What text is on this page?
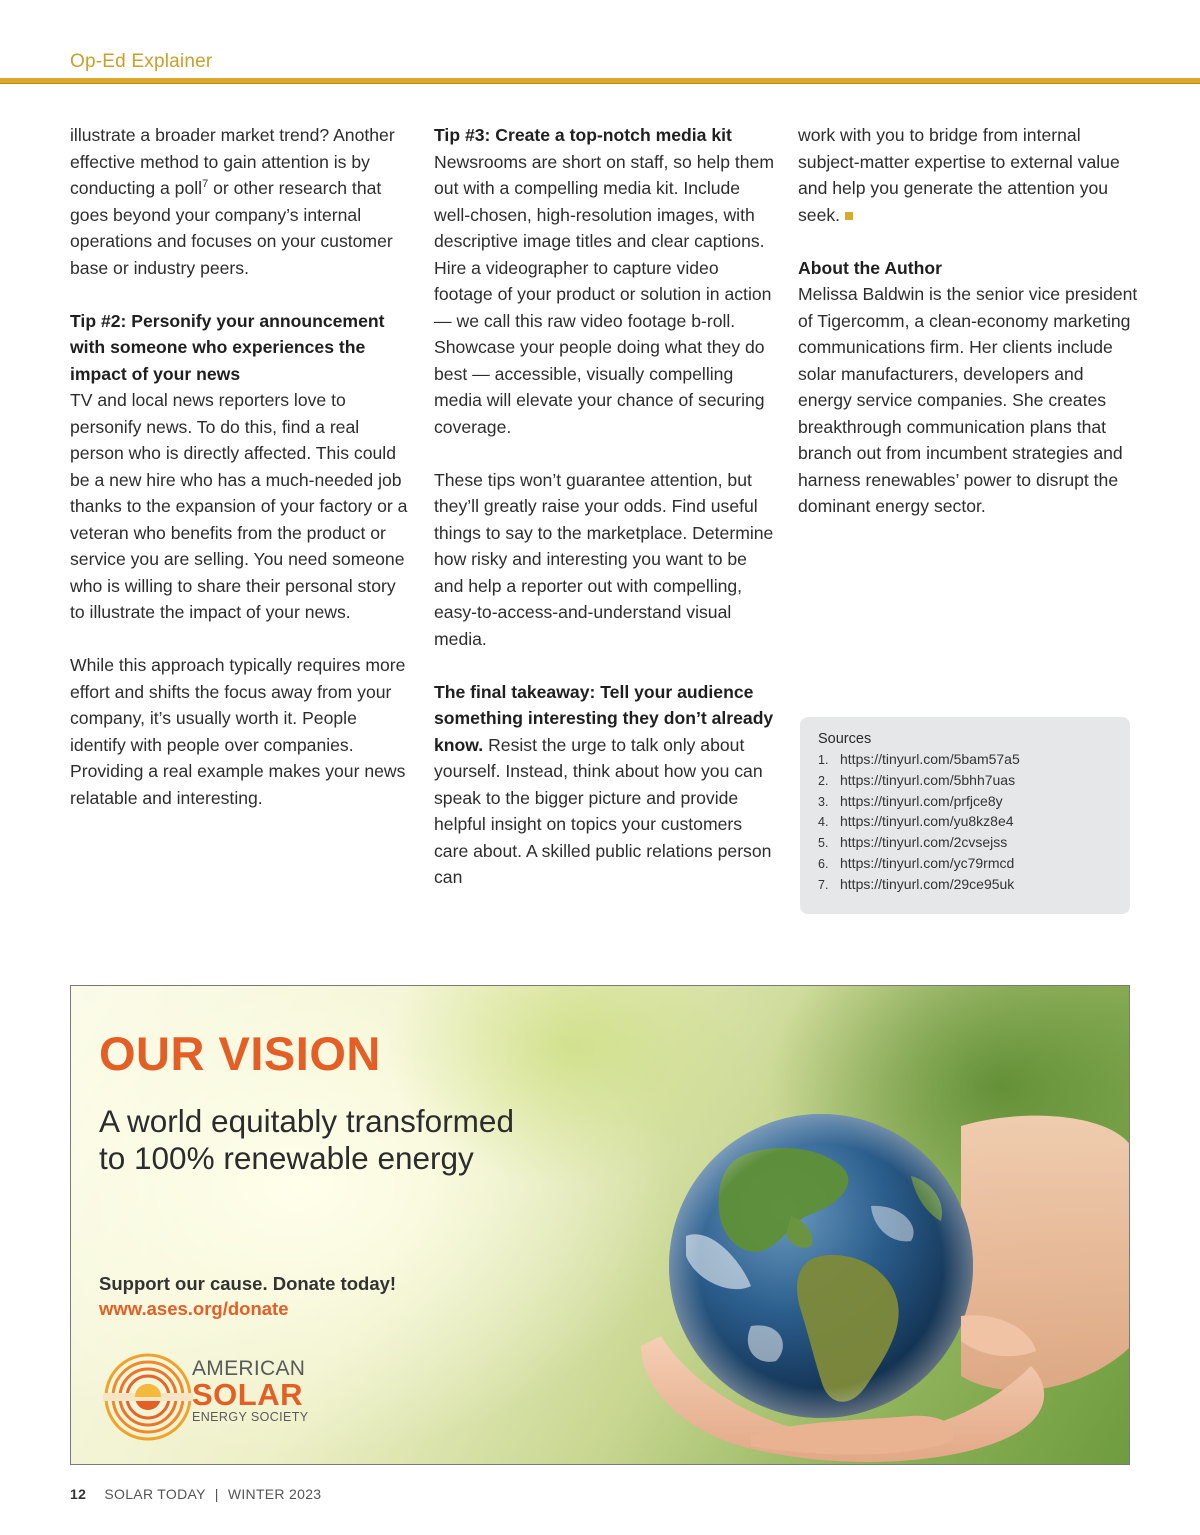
Op-Ed Explainer

illustrate a broader market trend? Another effective method to gain attention is by conducting a poll$^7$ or other research that goes beyond your company’s internal operations and focuses on your customer base or industry peers.

Tip #2: Personify your announcement with someone who experiences the impact of your news

TV and local news reporters love to personify news. To do this, find a real person who is directly affected. This could be a new hire who has a much-needed job thanks to the expansion of your factory or a veteran who benefits from the product or service you are selling. You need someone who is willing to share their personal story to illustrate the impact of your news.

While this approach typically requires more effort and shifts the focus away from your company, it’s usually worth it. People identify with people over companies. Providing a real example makes your news relatable and interesting.

Tip #3: Create a top-notch media kit

Newsrooms are short on staff, so help them out with a compelling media kit. Include well-chosen, high-resolution images, with descriptive image titles and clear captions. Hire a videographer to capture video footage of your product or solution in action — we call this raw video footage b-roll. Showcase your people doing what they do best — accessible, visually compelling media will elevate your chance of securing coverage.

These tips won’t guarantee attention, but they’ll greatly raise your odds. Find useful things to say to the marketplace. Determine how risky and interesting you want to be and help a reporter out with compelling, easy-to-access-and-understand visual media.

The final takeaway: Tell your audience something interesting they don’t already know. Resist the urge to talk only about yourself. Instead, think about how you can speak to the bigger picture and provide helpful insight on topics your customers care about. A skilled public relations person can

work with you to bridge from internal subject-matter expertise to external value and help you generate the attention you seek.

About the Author

Melissa Baldwin is the senior vice president of Tigercomm, a clean-economy marketing communications firm. Her clients include solar manufacturers, developers and energy service companies. She creates breakthrough communication plans that branch out from incumbent strategies and harness renewables’ power to disrupt the dominant energy sector.

Sources
1. https://tinyurl.com/5bam57a5
2. https://tinyurl.com/5bhh7uas
3. https://tinyurl.com/prfjce8y
4. https://tinyurl.com/yu8kz8e4
5. https://tinyurl.com/2cvsejss
6. https://tinyurl.com/yc79rmcd
7. https://tinyurl.com/29ce95uk
OUR VISION
A world equitably transformed to 100% renewable energy
Support our cause. Donate today!
www.ases.org/donate
AMERICAN
SOLAR
ENERGY SOCIETY
12 SOLAR TODAY | WINTER 2023
